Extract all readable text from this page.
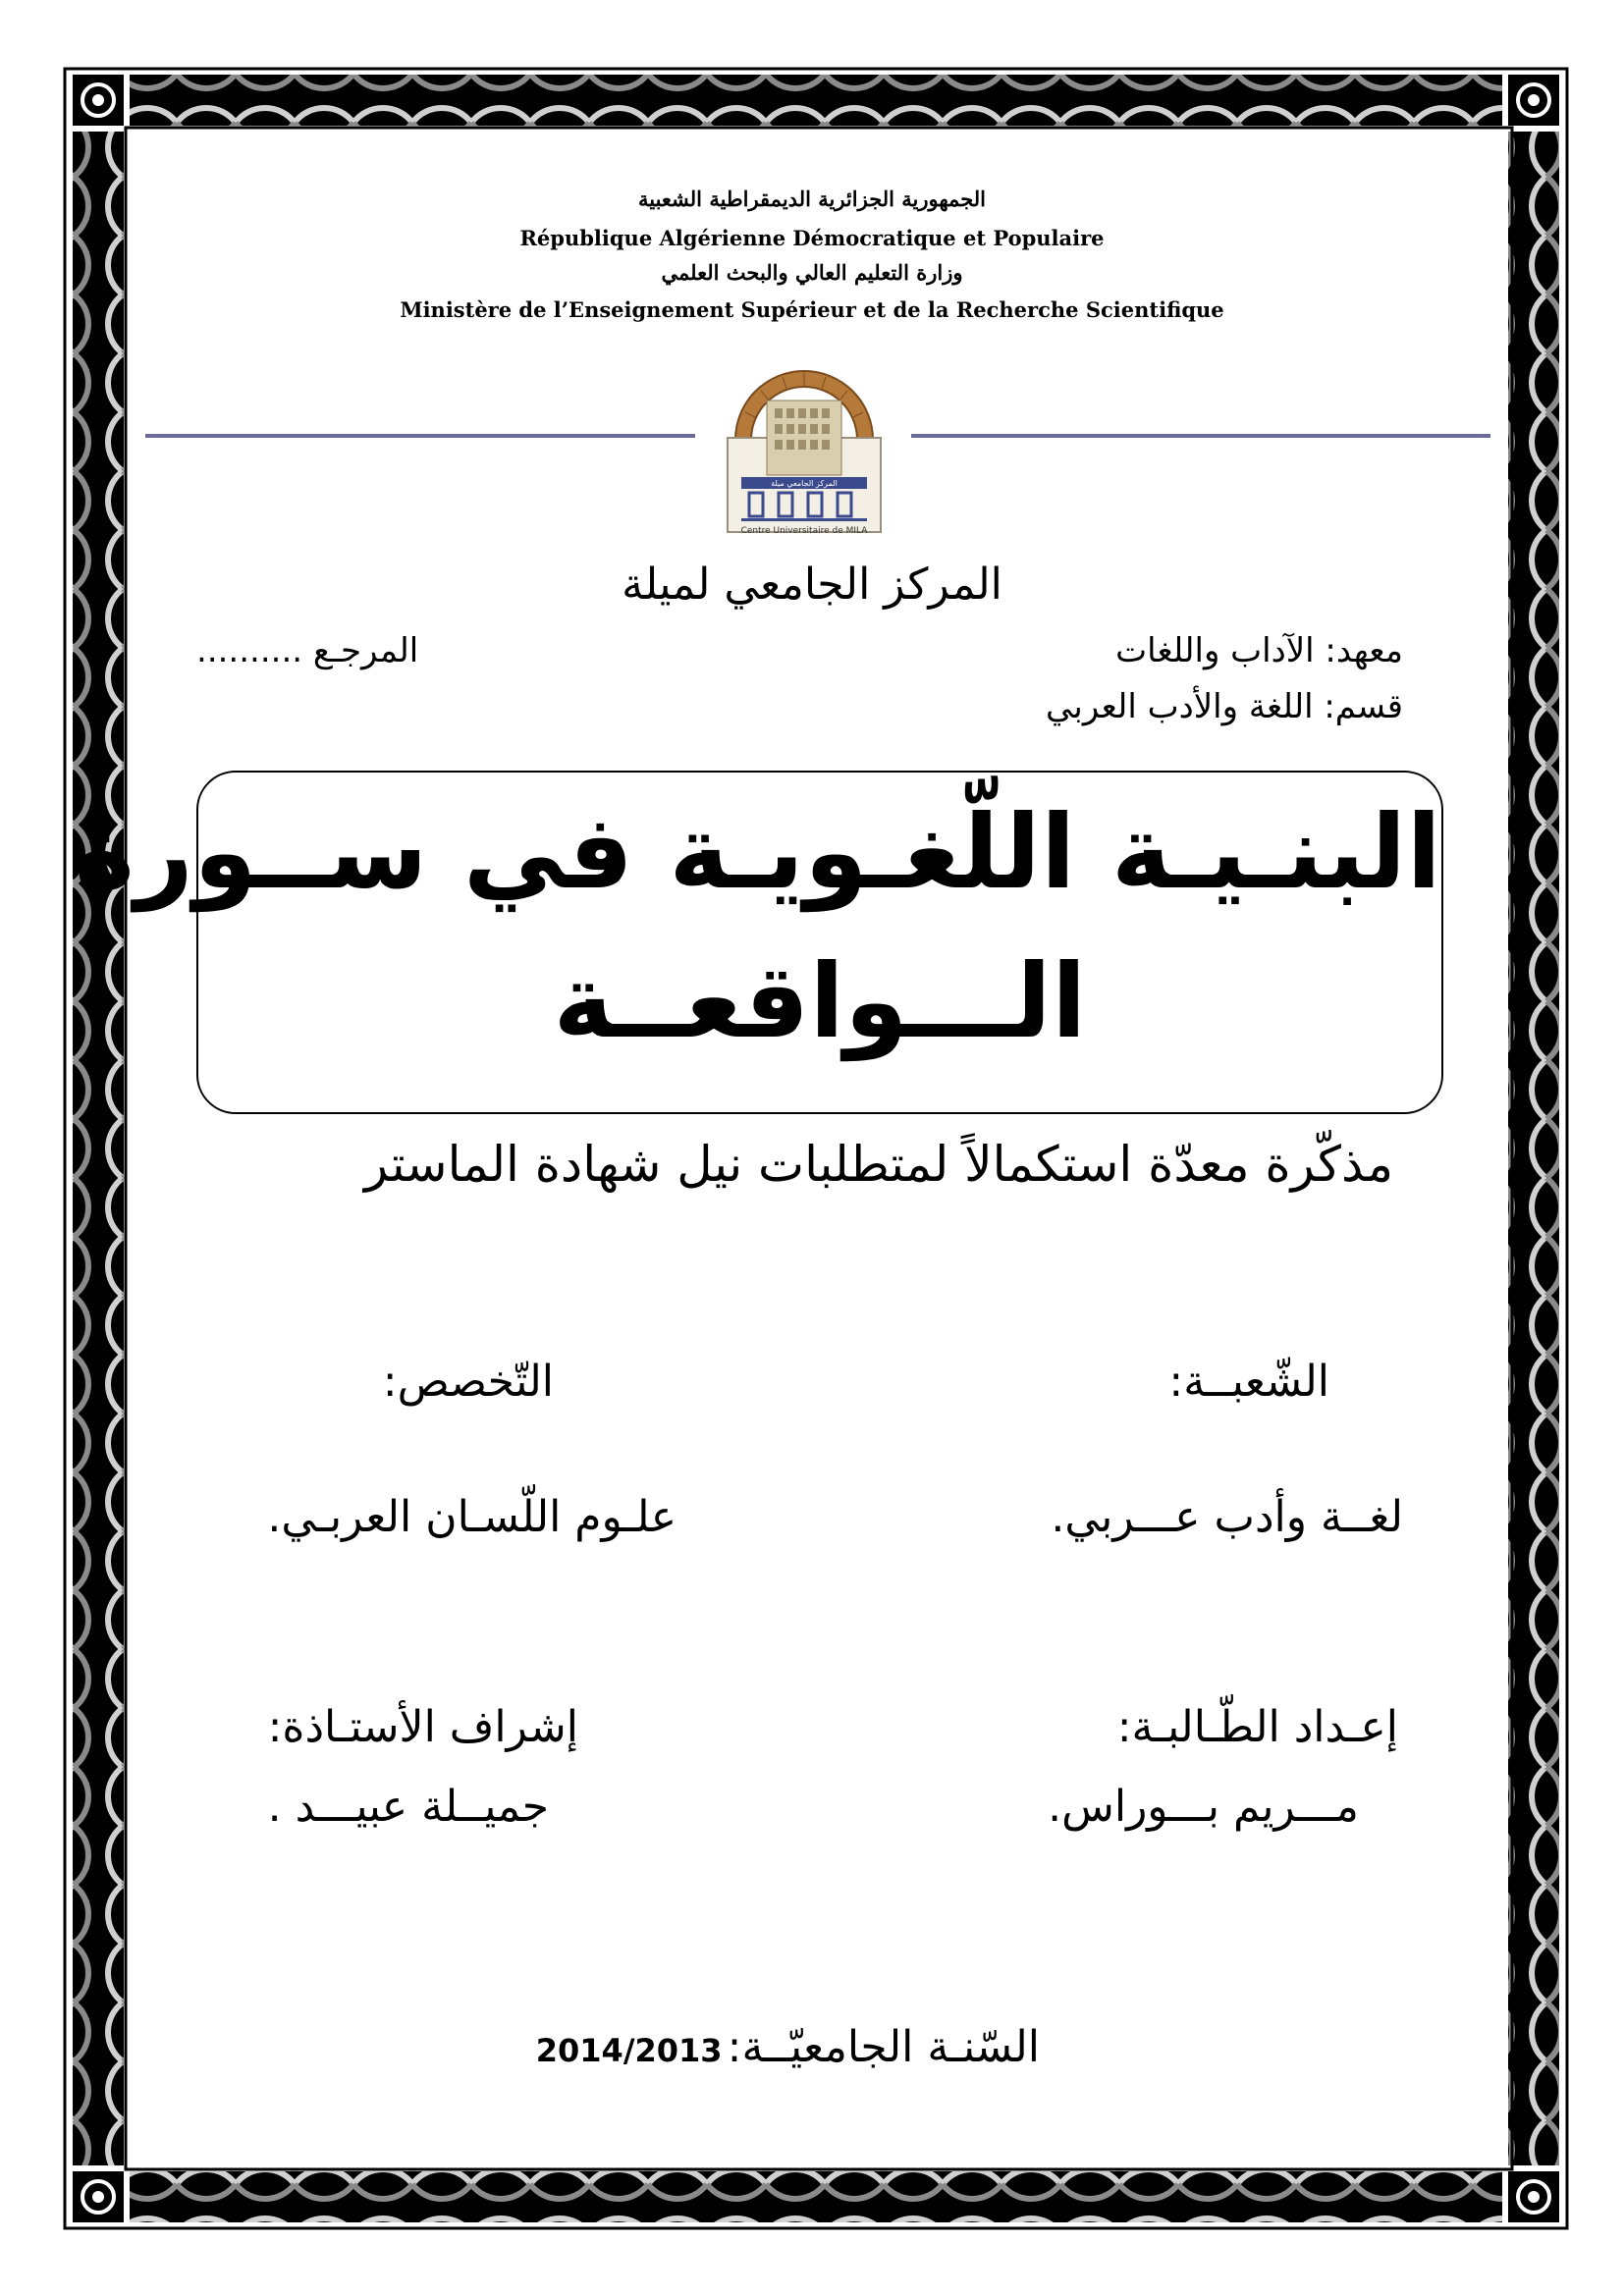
الجمهورية الجزائرية الديمقراطية الشعبية
République Algérienne Démocratique et Populaire
وزارة التعليم العالي والبحث العلمي
Ministère de l’Enseignement Supérieur et de la Recherche Scientifique
المركز الجامعي ميلة
Centre Universitaire de MILA
المركز الجامعي لميلة
معهد: الآداب واللغات
المرجـع ..........
قسم: اللغة والأدب العربي
البنـيـة اللّغـويـة في ســورة
الـــواقعــة
مذكّرة معدّة استكمالاً لمتطلبات نيل شهادة الماستر
الشّعبــة:
التّخصص:
لغــة وأدب عـــربي.
علـوم اللّسـان العربـي.
إعـداد الطّـالبـة:
إشراف الأستـاذة:
مـــريم بـــوراس.
جميــلة عبيـــد .
السّنـة الجامعيّــة: 2014/2013
